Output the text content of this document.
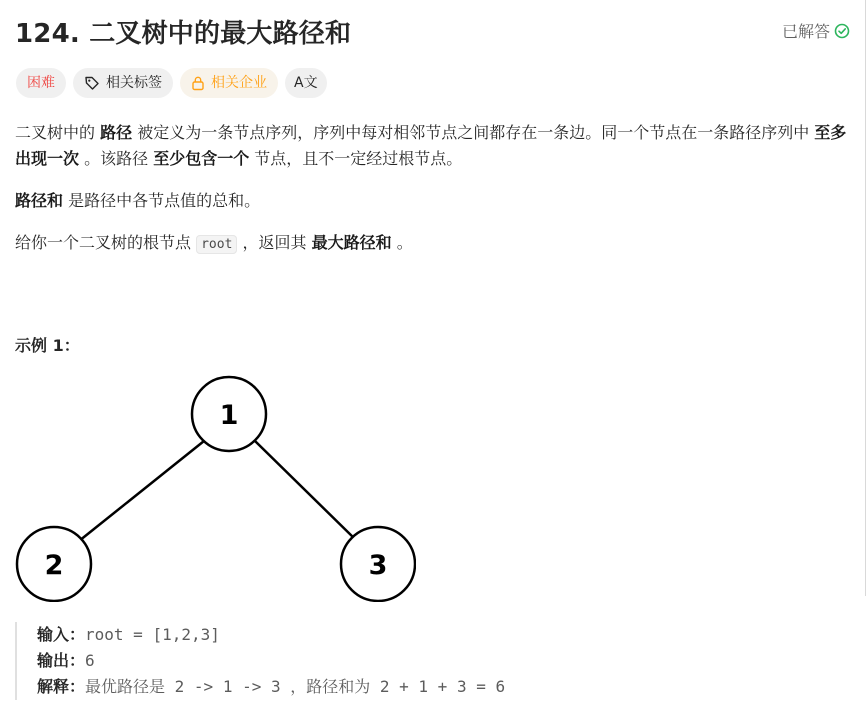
124. 二叉树中的最大路径和	已解答
困难	相关标签	相关企业 A文

二叉树中的 路径 被定义为一条节点序列，序列中每对相邻节点之间都存在一条边。同一个节点在一条路径序列中 至多出现一次 。该路径 至少包含一个 节点，且不一定经过根节点。

路径和 是路径中各节点值的总和。

给你一个二叉树的根节点 root ，返回其 最大路径和 。

示例 1：
1
2	3
输入：root = [1,2,3]
输出：6
解释：最优路径是 2 -> 1 -> 3 ，路径和为 2 + 1 + 3 = 6
